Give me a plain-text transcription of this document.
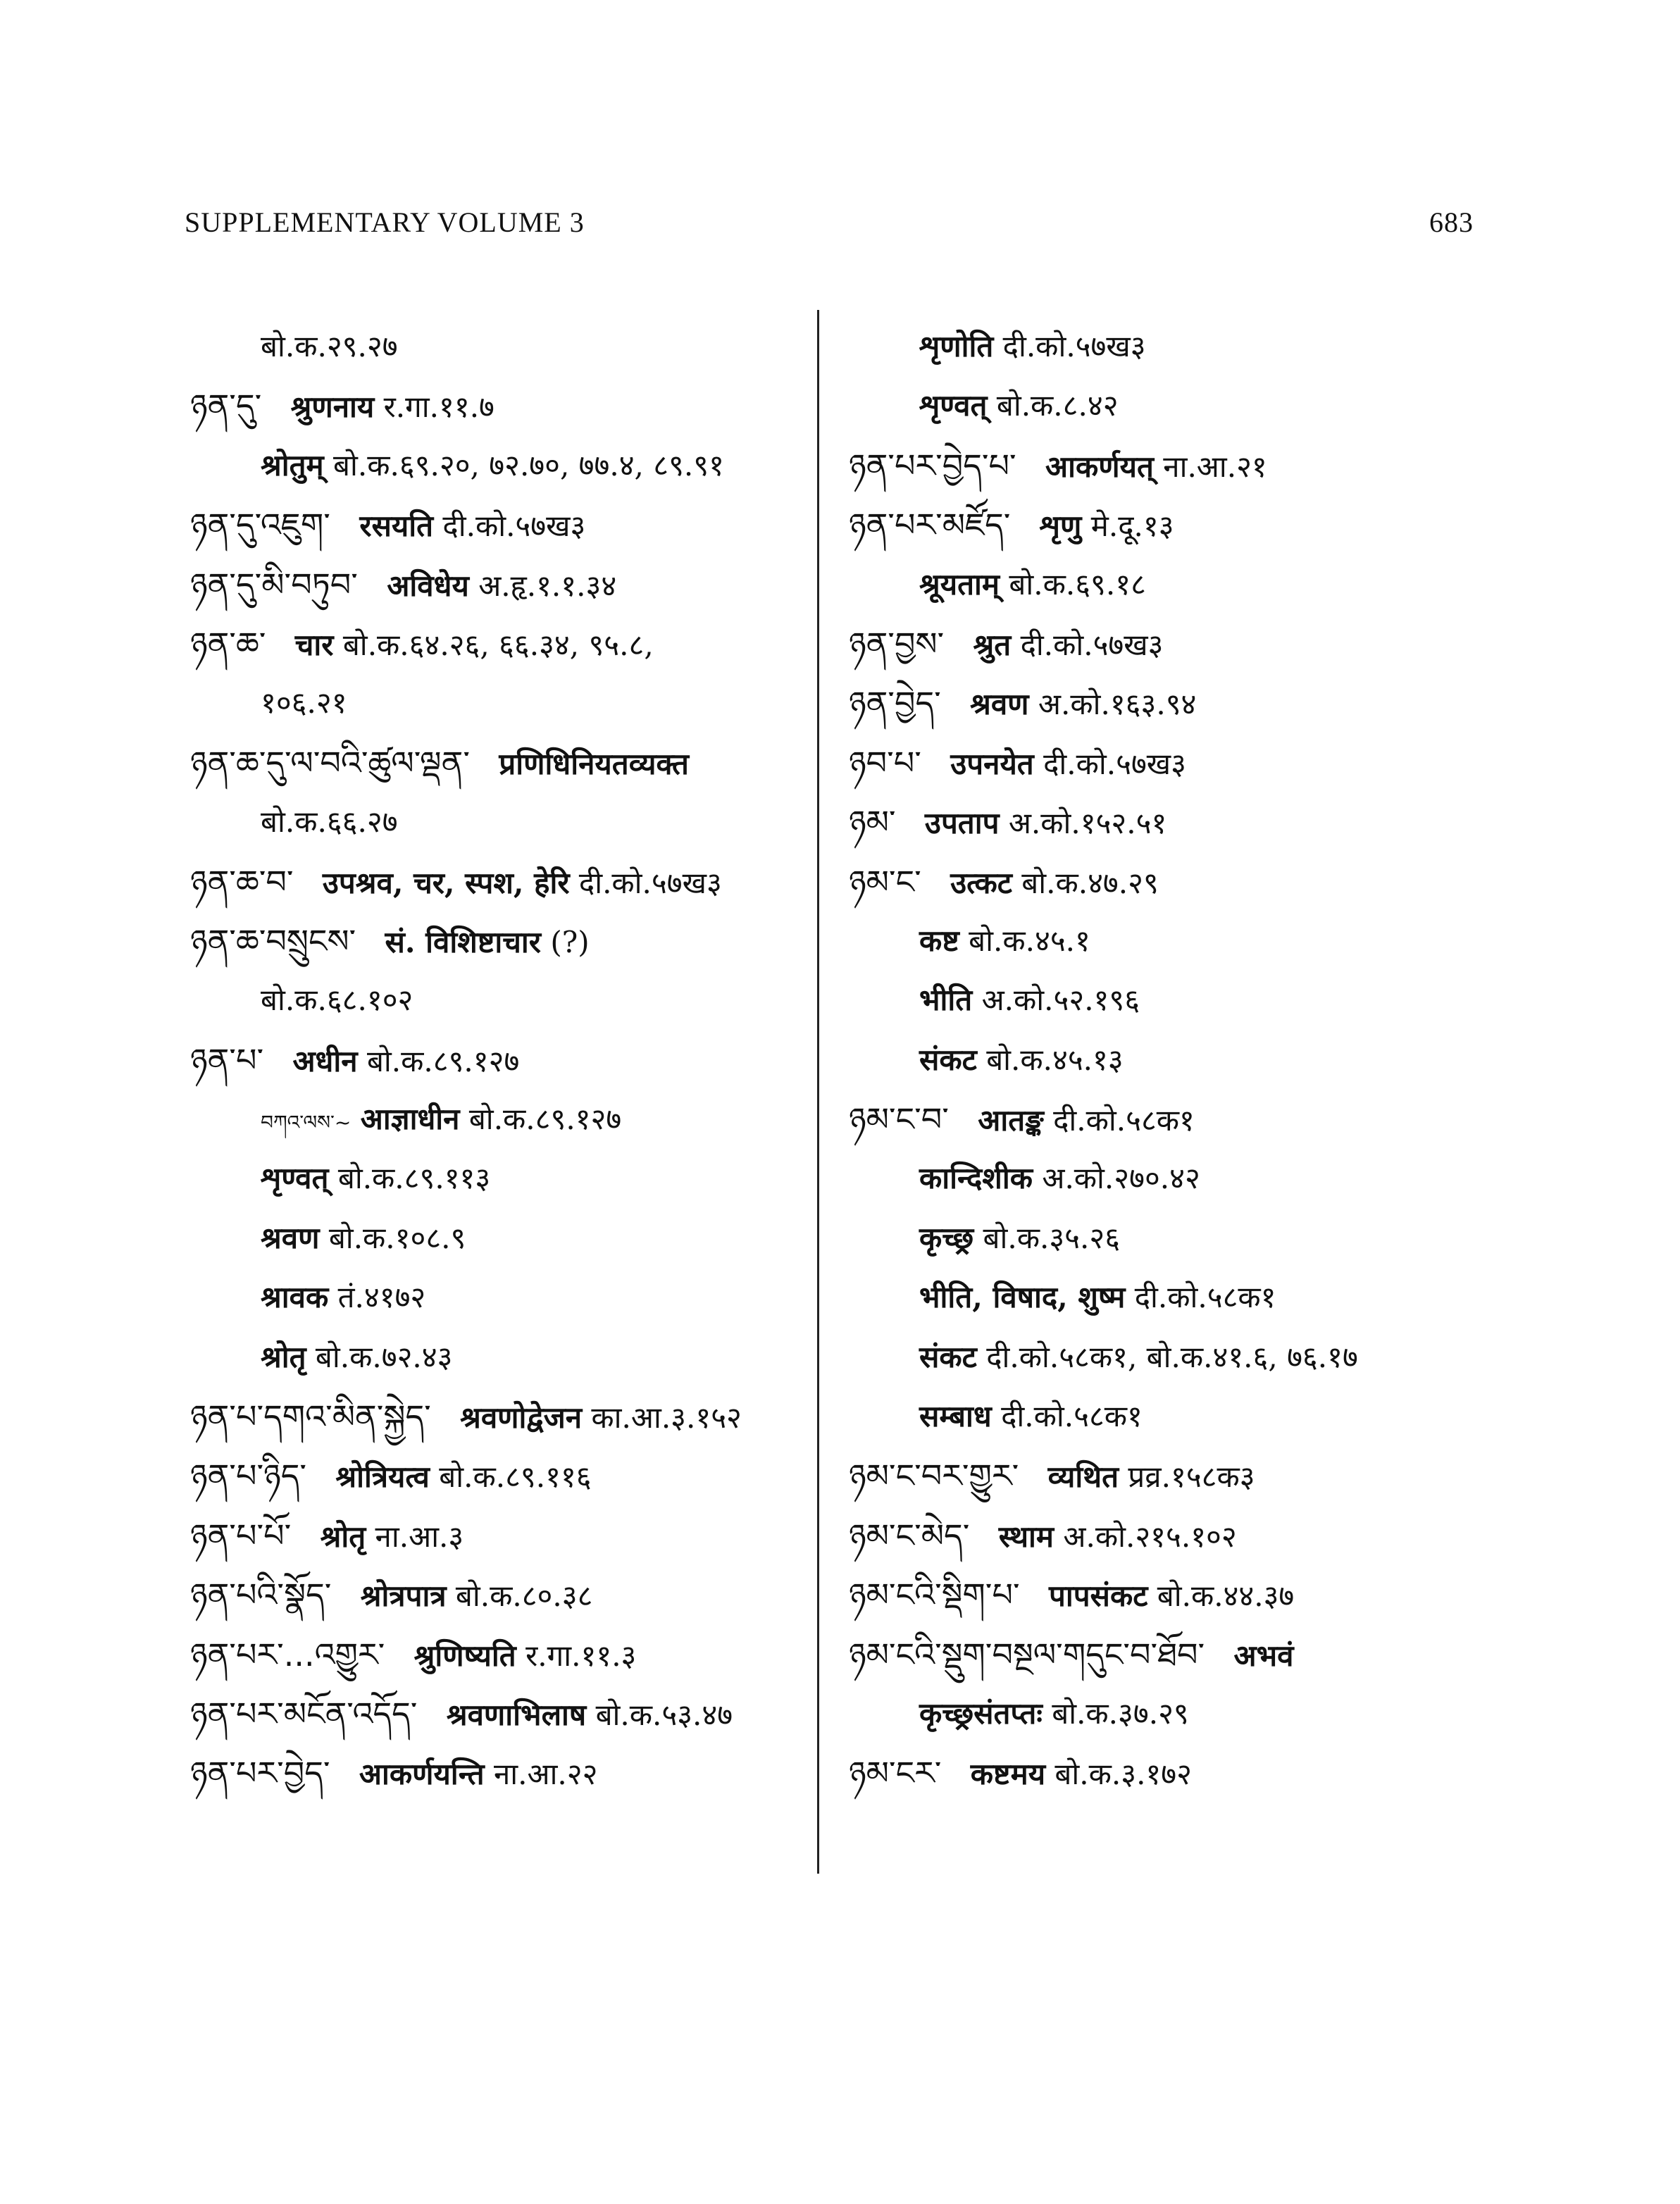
SUPPLEMENTARY VOLUME 3	683
बो.क.२९.२७
ཉན་དུ་ श्रुणनाय र.गा.११.७
श्रोतुम् बो.क.६९.२०, ७२.७०, ७७.४, ८९.९१
ཉན་དུ་འཇུག་ रसयति दी.को.५७ख३
ཉན་དུ་མི་བཏུབ་ अविधेय अ.हृ.१.१.३४
ཉན་ཆ་ चार बो.क.६४.२६, ६६.३४, ९५.८,
१०६.२१
ཉན་ཆ་དུ་ལ་བའི་ཚུལ་ལྡན་ प्रणिधिनियतव्यक्त
बो.क.६६.२७
ཉན་ཆ་བ་ उपश्रव, चर, स्पश, हेरि दी.को.५७ख३
ཉན་ཆ་བསྲུངས་ सं. विशिष्टाचार (?)
बो.क.६८.१०२
ཉན་པ་ अधीन बो.क.८९.१२७
བཀའ་ལས་~ आज्ञाधीन बो.क.८९.१२७
शृण्वत् बो.क.८९.११३
श्रवण बो.क.१०८.९
श्रावक तं.४१७२
श्रोतृ बो.क.७२.४३
ཉན་པ་དགའ་མིན་སྐྱེད་ श्रवणोद्वेजन का.आ.३.१५२
ཉན་པ་ཉིད་ श्रोत्रियत्व बो.क.८९.११६
ཉན་པ་པོ་ श्रोतृ ना.आ.३
ཉན་པའི་སྣོད་ श्रोत्रपात्र बो.क.८०.३८
ཉན་པར་...འགྱུར་ श्रुणिष्यति र.गा.११.३
ཉན་པར་མངོན་འདོད་ श्रवणाभिलाष बो.क.५३.४७
ཉན་པར་བྱེད་ आकर्णयन्ति ना.आ.२२
शृणोति दी.को.५७ख३
शृण्वत् बो.क.८.४२
ཉན་པར་བྱེད་པ་ आकर्णयत् ना.आ.२१
ཉན་པར་མཛོད་ शृणु मे.दू.१३
श्रूयताम् बो.क.६९.१८
ཉན་བྱས་ श्रुत दी.को.५७ख३
ཉན་བྱེད་ श्रवण अ.को.१६३.९४
ཉབ་པ་ उपनयेत दी.को.५७ख३
ཉམ་ उपताप अ.को.१५२.५१
ཉམ་ང་ उत्कट बो.क.४७.२९
कष्ट बो.क.४५.१
भीति अ.को.५२.१९६
संकट बो.क.४५.१३
ཉམ་ང་བ་ आतङ्क दी.को.५८क१
कान्दिशीक अ.को.२७०.४२
कृच्छ्र बो.क.३५.२६
भीति, विषाद, शुष्म दी.को.५८क१
संकट दी.को.५८क१, बो.क.४१.६, ७६.१७
सम्बाध दी.को.५८क१
ཉམ་ང་བར་གྱུར་ व्यथित प्रव्र.१५८क३
ཉམ་ང་མེད་ स्थाम अ.को.२१५.१०२
ཉམ་ངའི་སྡིག་པ་ पापसंकट बो.क.४४.३७
ཉམ་ངའི་སྡུག་བསྔལ་གདུང་བ་ཐོབ་ अभवं
कृच्छ्रसंतप्तः बो.क.३७.२९
ཉམ་ངར་ कष्टमय बो.क.३.१७२
